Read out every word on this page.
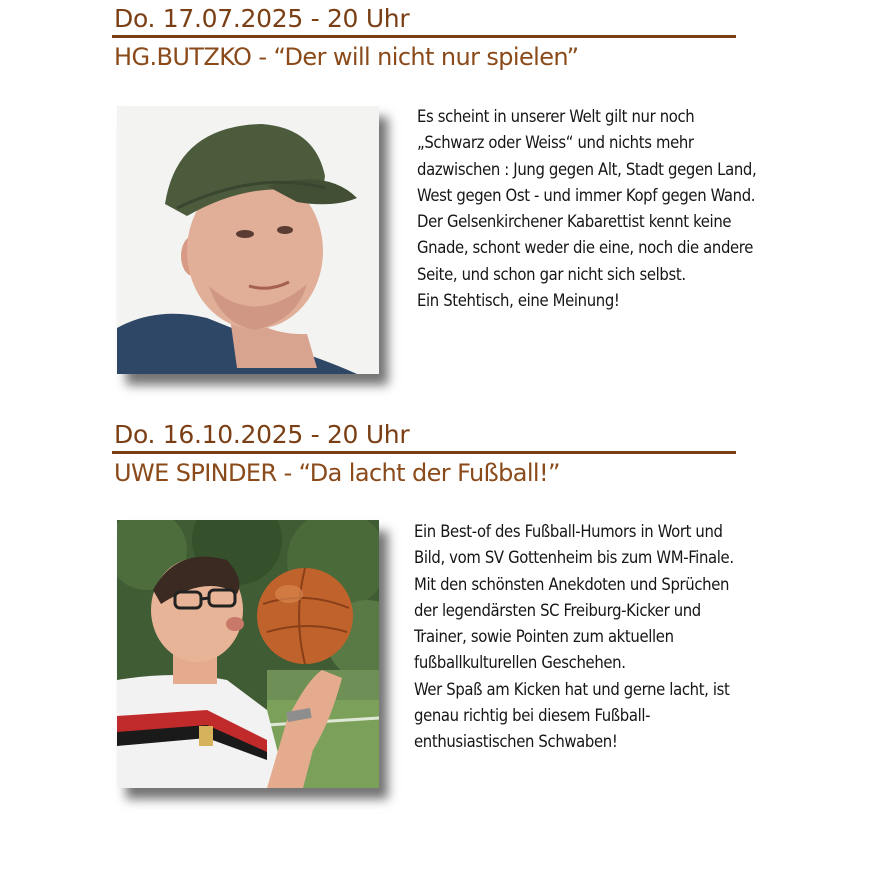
Do. 17.07.2025 - 20 Uhr
HG.BUTZKO - “Der will nicht nur spielen”

Es scheint in unserer Welt gilt nur noch „Schwarz oder Weiss“ und nichts mehr dazwischen : Jung gegen Alt, Stadt gegen Land, West gegen Ost - und immer Kopf gegen Wand.

Der Gelsenkirchener Kabarettist kennt keine Gnade, schont weder die eine, noch die andere Seite, und schon gar nicht sich selbst.

Ein Stehtisch, eine Meinung!

Do. 16.10.2025 - 20 Uhr
UWE SPINDER - “Da lacht der Fußball!”

Ein Best-of des Fußball-Humors in Wort und Bild, vom SV Gottenheim bis zum WM-Finale. Mit den schönsten Anekdoten und Sprüchen der legendärsten SC Freiburg-Kicker und Trainer, sowie Pointen zum aktuellen fußballkulturellen Geschehen.

Wer Spaß am Kicken hat und gerne lacht, ist genau richtig bei diesem Fußball-enthusiastischen Schwaben!
